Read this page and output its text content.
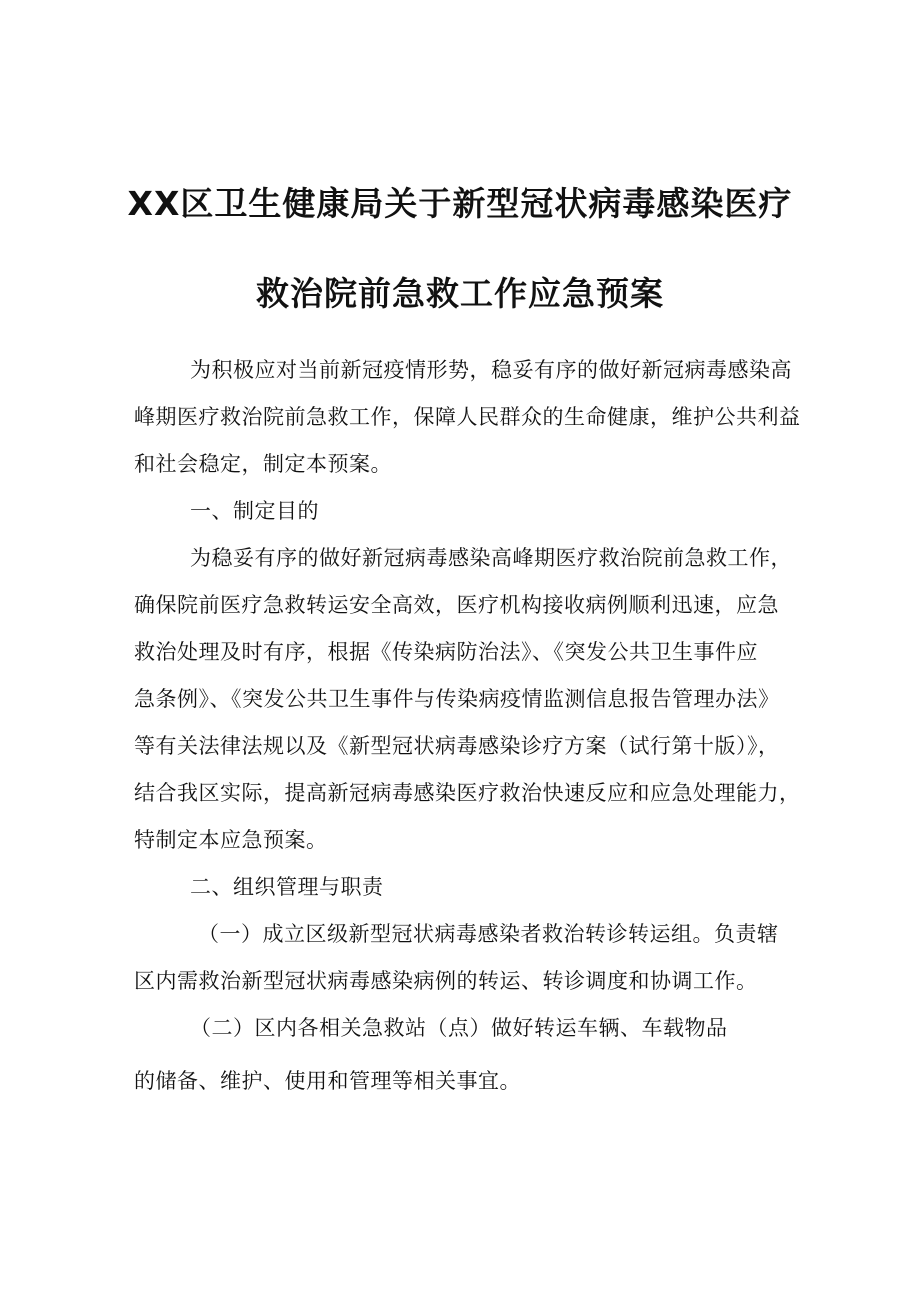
XX区卫生健康局关于新型冠状病毒感染医疗
救治院前急救工作应急预案
为积极应对当前新冠疫情形势，稳妥有序的做好新冠病毒感染高
峰期医疗救治院前急救工作，保障人民群众的生命健康，维护公共利益
和社会稳定，制定本预案。
一、制定目的
为稳妥有序的做好新冠病毒感染高峰期医疗救治院前急救工作，
确保院前医疗急救转运安全高效，医疗机构接收病例顺利迅速，应急
救治处理及时有序，根据《传染病防治法》、《突发公共卫生事件应
急条例》、《突发公共卫生事件与传染病疫情监测信息报告管理办法》
等有关法律法规以及《新型冠状病毒感染诊疗方案（试行第十版）》，
结合我区实际，提高新冠病毒感染医疗救治快速反应和应急处理能力，
特制定本应急预案。
二、组织管理与职责
（一）成立区级新型冠状病毒感染者救治转诊转运组。负责辖
区内需救治新型冠状病毒感染病例的转运、转诊调度和协调工作。
（二）区内各相关急救站（点）做好转运车辆、车载物品
的储备、维护、使用和管理等相关事宜。
